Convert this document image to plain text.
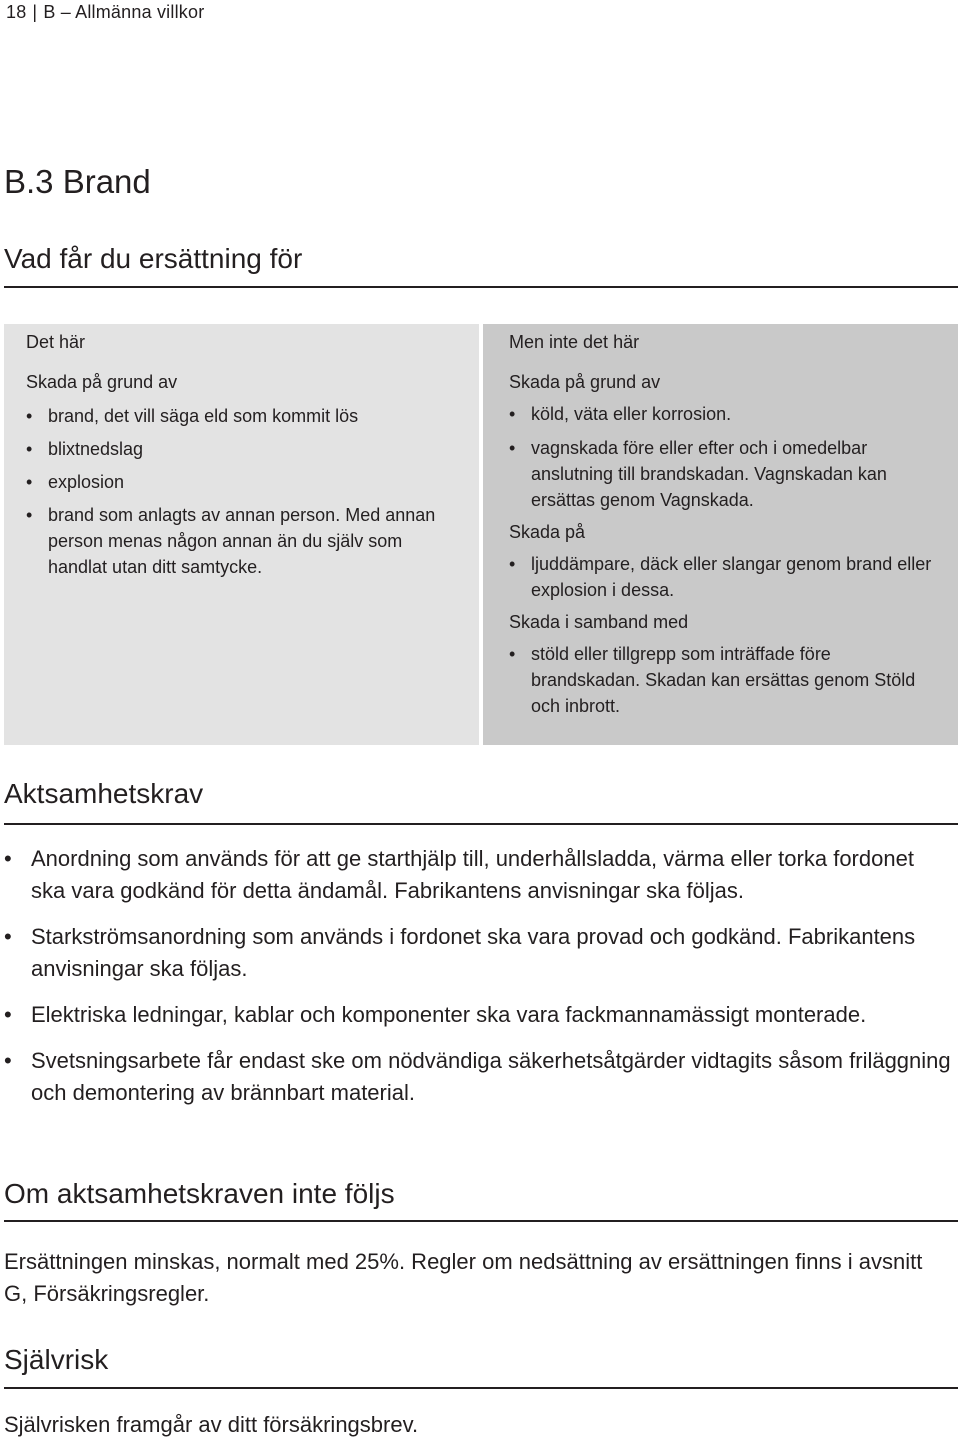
18 | B – Allmänna villkor
B.3 Brand
Vad får du ersättning för
Det här
Skada på grund av
• brand, det vill säga eld som kommit lös
• blixtnedslag
• explosion
• brand som anlagts av annan person. Med annan person menas någon annan än du själv som handlat utan ditt samtycke.
Men inte det här
Skada på grund av
• köld, väta eller korrosion.
• vagnskada före eller efter och i omedelbar anslutning till brandskadan. Vagnskadan kan ersättas genom Vagnskada.
Skada på
• ljuddämpare, däck eller slangar genom brand eller explosion i dessa.
Skada i samband med
• stöld eller tillgrepp som inträffade före brandskadan. Skadan kan ersättas genom Stöld och inbrott.
Aktsamhetskrav
• Anordning som används för att ge starthjälp till, underhållsladda, värma eller torka fordonet ska vara godkänd för detta ändamål. Fabrikantens anvisningar ska följas.
• Starkströmsanordning som används i fordonet ska vara provad och godkänd. Fabrikantens anvisningar ska följas.
• Elektriska ledningar, kablar och komponenter ska vara fackmannamässigt monterade.
• Svetsningsarbete får endast ske om nödvändiga säkerhetsåtgärder vidtagits såsom friläggning och demontering av brännbart material.
Om aktsamhetskraven inte följs

Ersättningen minskas, normalt med 25%. Regler om nedsättning av ersättningen finns i avsnitt G, Försäkringsregler.

Självrisk

Självrisken framgår av ditt försäkringsbrev.
